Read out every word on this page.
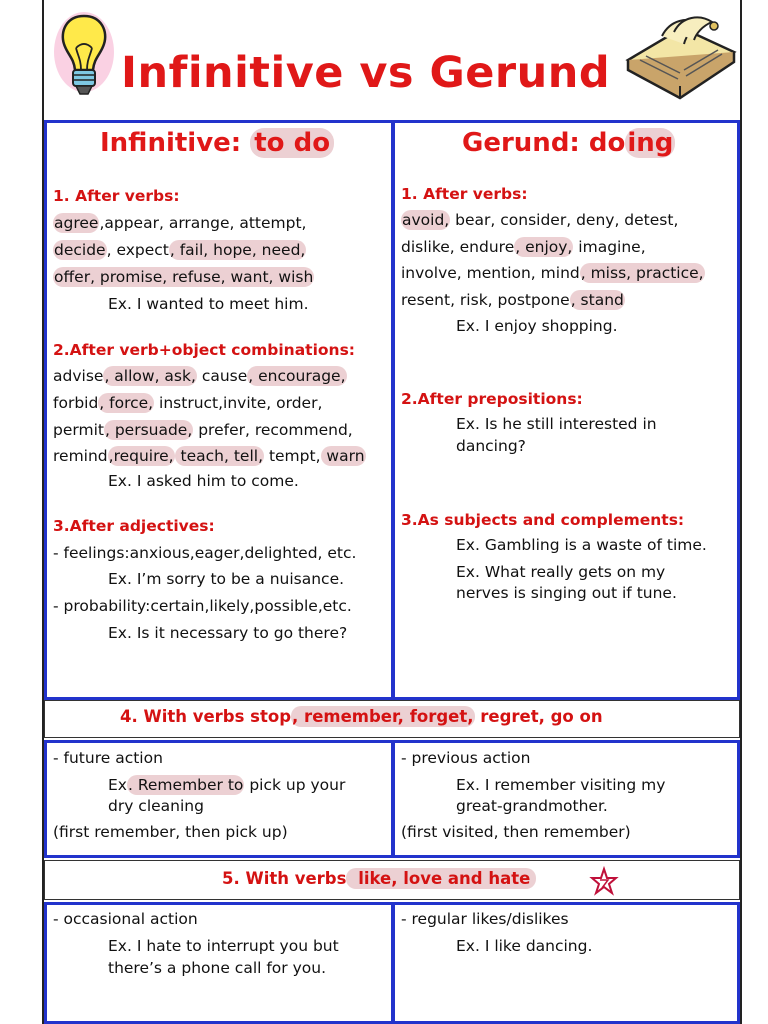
Infinitive vs Gerund
Infinitive: to do
1. After verbs:
agree,appear, arrange, attempt,
decide, expect, fail, hope, need,
offer, promise, refuse, want, wish
Ex. I wanted to meet him.
2.After verb+object combinations:
advise, allow, ask, cause, encourage,
forbid, force, instruct,invite, order,
permit, persuade, prefer, recommend,
remind,require, teach, tell, tempt, warn
Ex. I asked him to come.
3.After adjectives:
- feelings:anxious,eager,delighted, etc.
Ex. I’m sorry to be a nuisance.
- probability:certain,likely,possible,etc.
Ex. Is it necessary to go there?
Gerund: doing
1. After verbs:
avoid, bear, consider, deny, detest,
dislike, endure, enjoy, imagine,
involve, mention, mind, miss, practice,
resent, risk, postpone, stand
Ex. I enjoy shopping.
2.After prepositions:
Ex. Is he still interested in
dancing?
3.As subjects and complements:
Ex. Gambling is a waste of time.
Ex. What really gets on my
nerves is singing out if tune.
4. With verbs stop, remember, forget, regret, go on
- future action
Ex. Remember to pick up your
dry cleaning
(first remember, then pick up)
- previous action
Ex. I remember visiting my
great-grandmother.
(first visited, then remember)
5. With verbs like, love and hate
- occasional action
Ex. I hate to interrupt you but
there’s a phone call for you.
- regular likes/dislikes
Ex. I like dancing.
